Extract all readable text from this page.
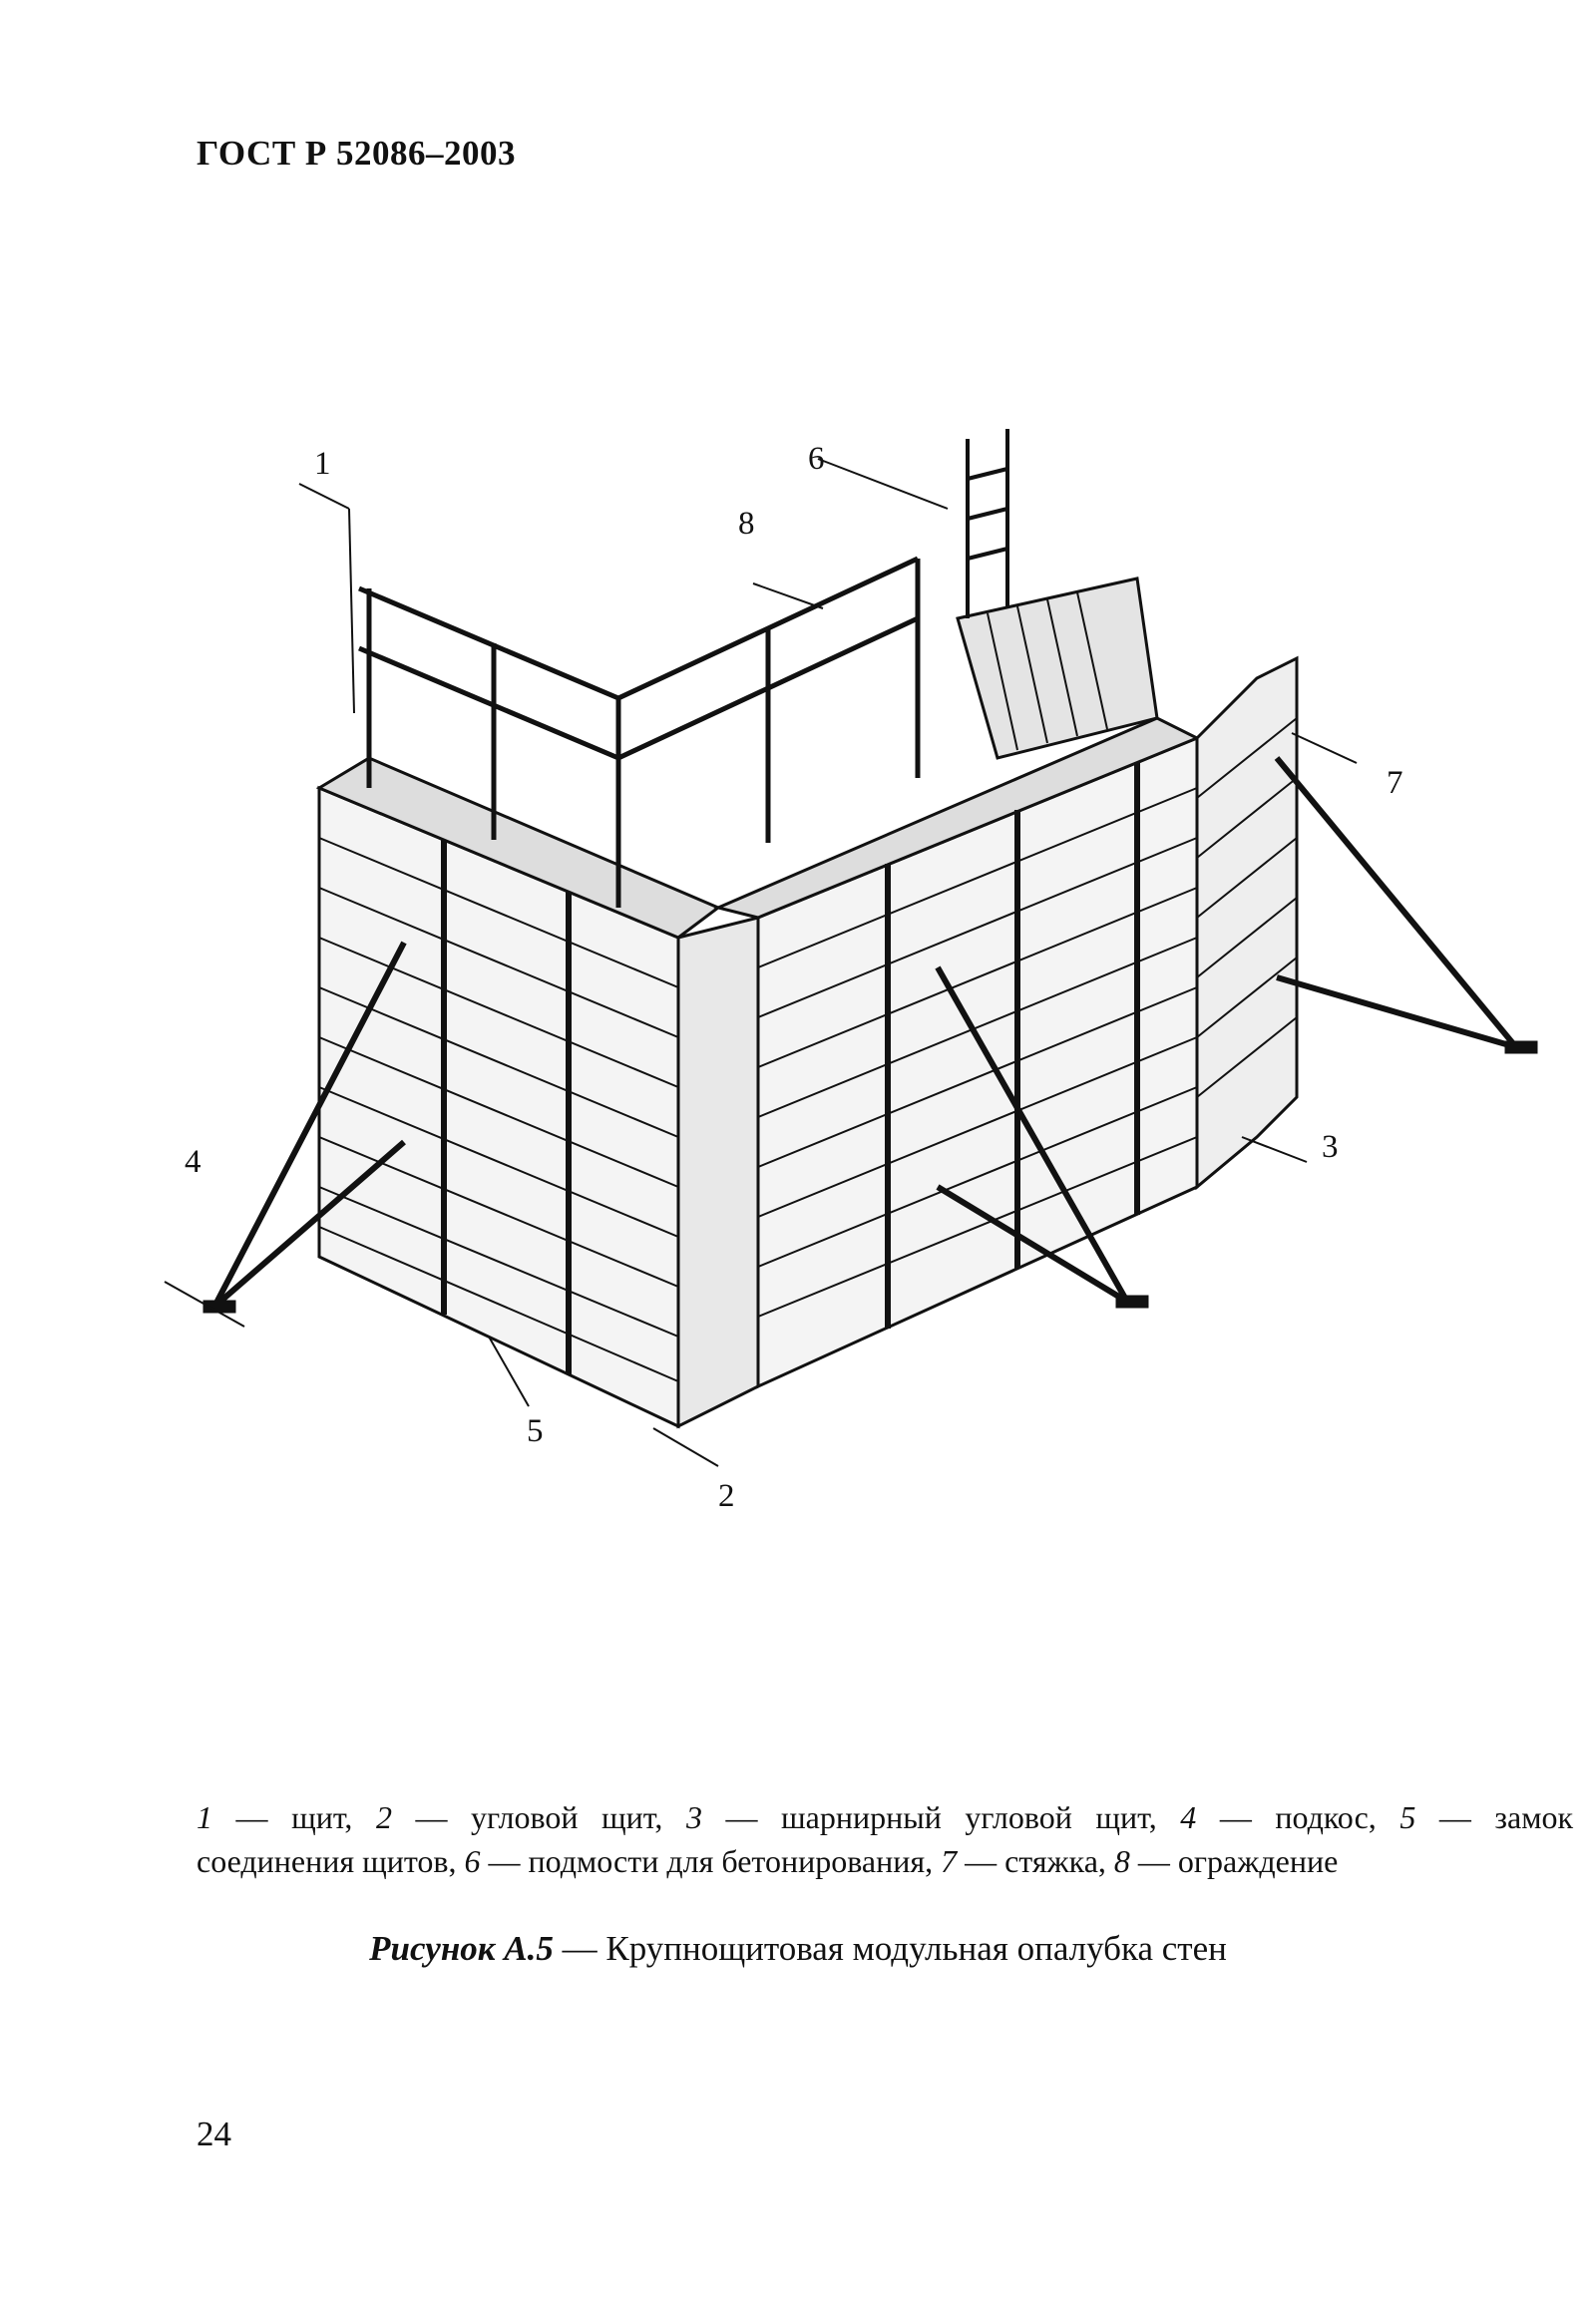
ГОСТ Р 52086–2003
1
2
3
4
5
6
7
8
1 — щит, 2 — угловой щит, 3 — шарнирный угловой щит, 4 — подкос, 5 — замок
соединения щитов, 6 — подмости для бетонирования, 7 — стяжка, 8 — ограждение
Рисунок А.5 — Крупнощитовая модульная опалубка стен
24
